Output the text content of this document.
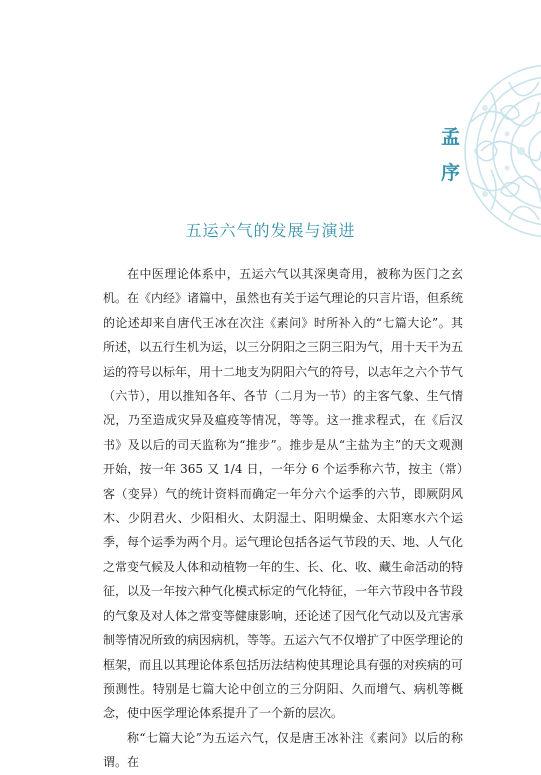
孟
序
五运六气的发展与演进

在中医理论体系中，五运六气以其深奥奇用，被称为医门之玄机。在《内经》诸篇中，虽然也有关于运气理论的只言片语，但系统的论述却来自唐代王冰在次注《素问》时所补入的“七篇大论”。其所述，以五行生机为运，以三分阴阳之三阴三阳为气，用十天干为五运的符号以标年，用十二地支为阴阳六气的符号，以志年之六个节气（六节），用以推知各年、各节（二月为一节）的主客气象、生气情况，乃至造成灾异及瘟疫等情况，等等。这一推求程式，在《后汉书》及以后的司天监称为“推步”。推步是从“主盐为主”的天文观测开始，按一年 365 又 1/4 日，一年分 6 个运季称六节，按主（常）客（变异）气的统计资料而确定一年分六个运季的六节，即厥阴风木、少阴君火、少阳相火、太阴湿土、阳明燥金、太阳寒水六个运季，每个运季为两个月。运气理论包括各运气节段的天、地、人气化之常变气候及人体和动植物一年的生、长、化、收、藏生命活动的特征，以及一年按六种气化模式标定的气化特征，一年六节段中各节段的气象及对人体之常变等健康影响，还论述了因气化气动以及亢害承制等情况所致的病因病机，等等。五运六气不仅增扩了中医学理论的框架，而且以其理论体系包括历法结构使其理论具有强的对疾病的可预测性。特别是七篇大论中创立的三分阴阳、久而增气、病机等概念，使中医学理论体系提升了一个新的层次。

称“七篇大论”为五运六气，仅是唐王冰补注《素问》以后的称谓。在
